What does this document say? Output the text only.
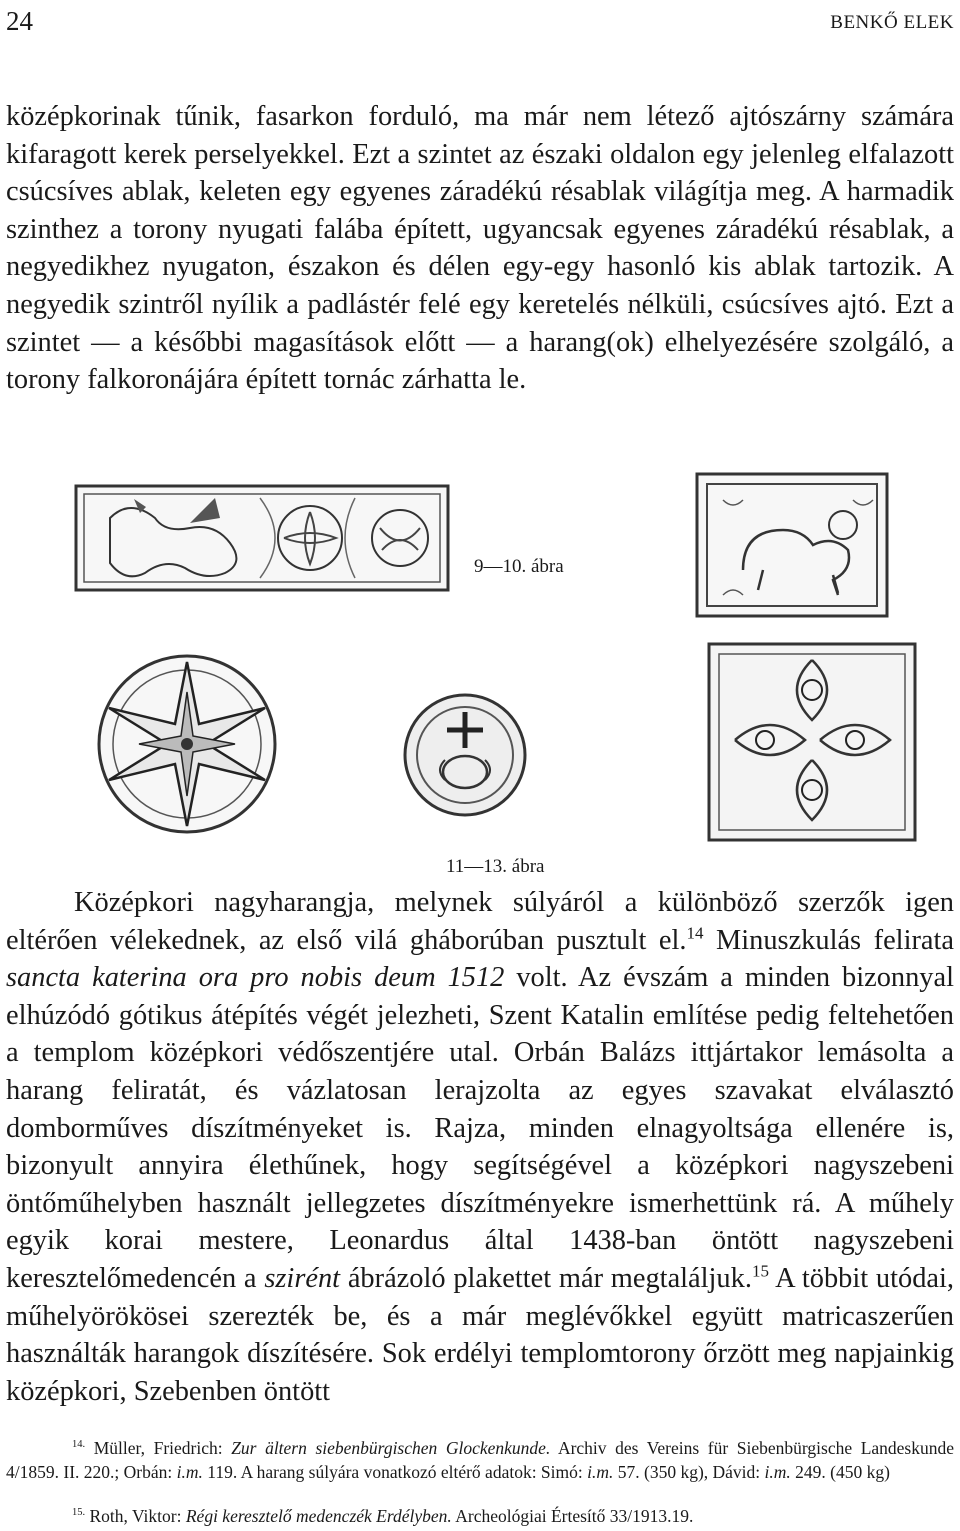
24	BENKŐ ELEK
középkorinak tűnik, fasarkon forduló, ma már nem létező ajtószárny számára kifaragott kerek perselyekkel. Ezt a szintet az északi oldalon egy jelenleg elfalazott csúcsíves ablak, keleten egy egyenes záradékú résablak világítja meg. A harmadik szinthez a torony nyugati falába épített, ugyancsak egyenes záradékú résablak, a negyedikhez nyugaton, északon és délen egy-egy hasonló kis ablak tartozik. A negyedik szintről nyílik a padlástér felé egy keretelés nélküli, csúcsíves ajtó. Ezt a szintet — a későbbi magasítások előtt — a harang(ok) elhelyezésére szolgáló, a torony falkoronájára épített tornác zárhatta le.
9—10. ábra
11—13. ábra
Középkori nagyharangja, melynek súlyáról a különböző szerzők igen eltérően vélekednek, az első vilá gháborúban pusztult el.$^{14}$ Minuszkulás felirata sancta katerina ora pro nobis deum 1512 volt. Az évszám a minden bizonnyal elhúzódó gótikus átépítés végét jelezheti, Szent Katalin említése pedig feltehetően a templom középkori védőszentjére utal. Orbán Balázs ittjártakor lemásolta a harang feliratát, és vázlatosan lerajzolta az egyes szavakat elválasztó domborműves díszítményeket is. Rajza, minden elnagyoltsága ellenére is, bizonyult annyira élethűnek, hogy segítségével a középkori nagyszebeni öntőműhelyben használt jellegzetes díszítményekre ismerhettünk rá. A műhely egyik korai mestere, Leonardus által 1438-ban öntött nagyszebeni keresztelőmedencén a szirént ábrázoló plakettet már megtaláljuk.$^{15}$ A többit utódai, műhelyörökösei szerezték be, és a már meglévőkkel együtt matricaszerűen használták harangok díszítésére. Sok erdélyi templomtorony őrzött meg napjainkig középkori, Szebenben öntött
$^{14.}$ Müller, Friedrich: Zur ältern siebenbürgischen Glockenkunde. Archiv des Vereins für Siebenbürgische Landeskunde 4/1859. II. 220.; Orbán: i.m. 119. A harang súlyára vonatkozó eltérő adatok: Simó: i.m. 57. (350 kg), Dávid: i.m. 249. (450 kg)
$^{15.}$ Roth, Viktor: Régi keresztelő medenczék Erdélyben. Archeológiai Értesítő 33/1913.19.
